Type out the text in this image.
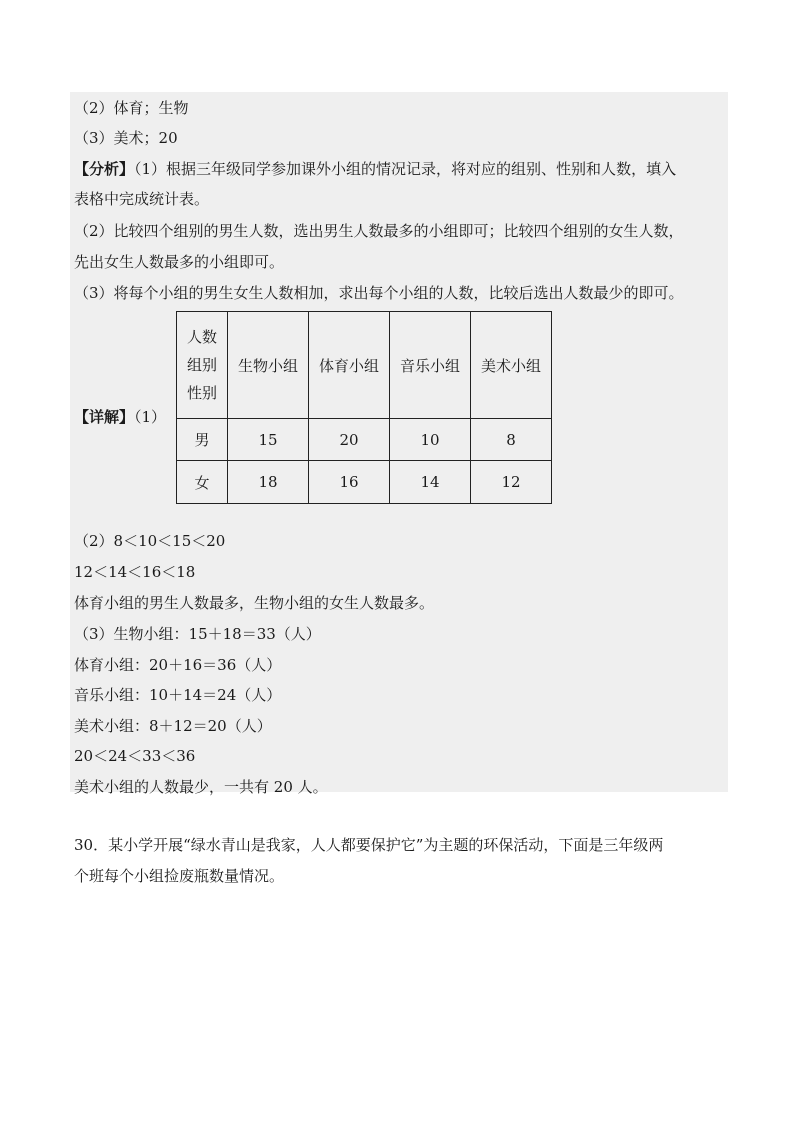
（2）体育；生物
（3）美术；20
【分析】（1）根据三年级同学参加课外小组的情况记录，将对应的组别、性别和人数，填入
表格中完成统计表。
（2）比较四个组别的男生人数，选出男生人数最多的小组即可；比较四个组别的女生人数，
先出女生人数最多的小组即可。
（3）将每个小组的男生女生人数相加，求出每个小组的人数，比较后选出人数最少的即可。
【详解】（1）
人数
组别
性别	生物小组	体育小组	音乐小组	美术小组
男	15	20	10	8
女	18	16	14	12
（2）8＜10＜15＜20
12＜14＜16＜18
体育小组的男生人数最多，生物小组的女生人数最多。
（3）生物小组：15＋18＝33（人）
体育小组：20＋16＝36（人）
音乐小组：10＋14＝24（人）
美术小组：8＋12＝20（人）
20＜24＜33＜36
美术小组的人数最少，一共有 20 人。
30．某小学开展“绿水青山是我家，人人都要保护它”为主题的环保活动，下面是三年级两
个班每个小组捡废瓶数量情况。
